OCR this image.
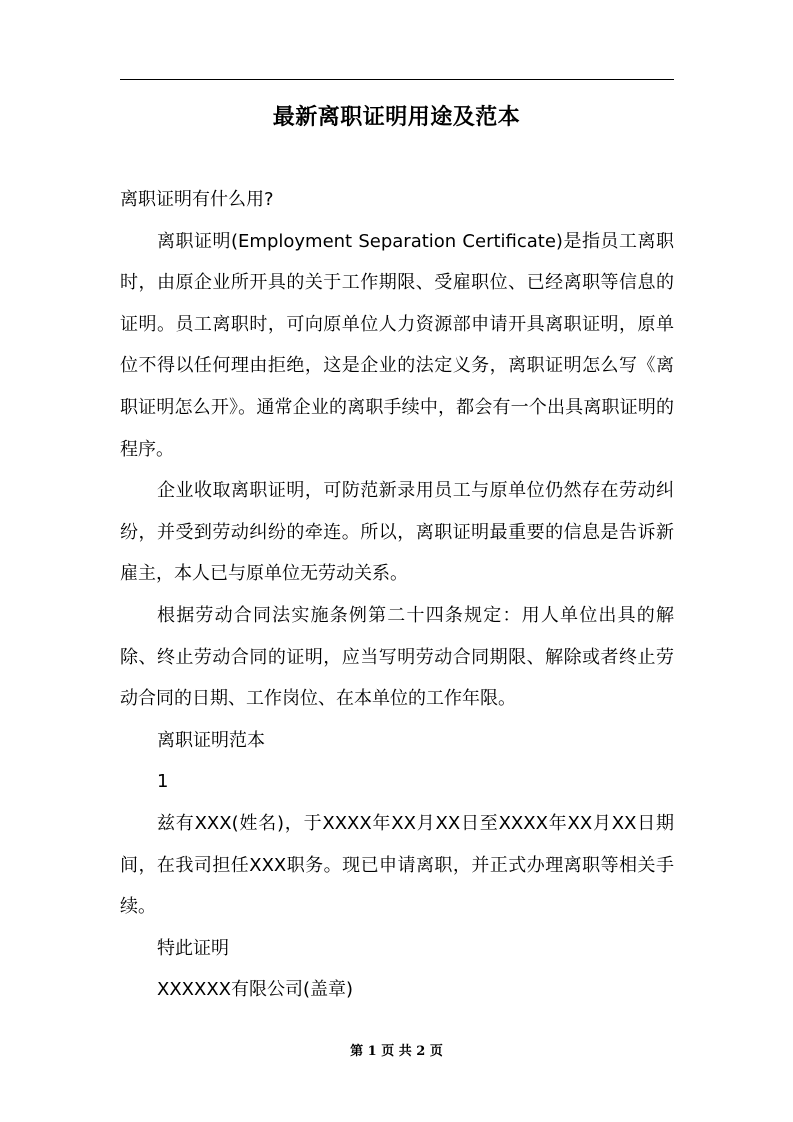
最新离职证明用途及范本

离职证明有什么用?

离职证明(Employment Separation Certificate)是指员工离职时，由原企业所开具的关于工作期限、受雇职位、已经离职等信息的证明。员工离职时，可向原单位人力资源部申请开具离职证明，原单位不得以任何理由拒绝，这是企业的法定义务，离职证明怎么写《离职证明怎么开》。通常企业的离职手续中，都会有一个出具离职证明的程序。

企业收取离职证明，可防范新录用员工与原单位仍然存在劳动纠纷，并受到劳动纠纷的牵连。所以，离职证明最重要的信息是告诉新雇主，本人已与原单位无劳动关系。

根据劳动合同法实施条例第二十四条规定：用人单位出具的解除、终止劳动合同的证明，应当写明劳动合同期限、解除或者终止劳动合同的日期、工作岗位、在本单位的工作年限。

离职证明范本

1

兹有XXX(姓名)，于XXXX年XX月XX日至XXXX年XX月XX日期间，在我司担任XXX职务。现已申请离职，并正式办理离职等相关手续。

特此证明

XXXXXX有限公司(盖章)

第 1 页 共 2 页
